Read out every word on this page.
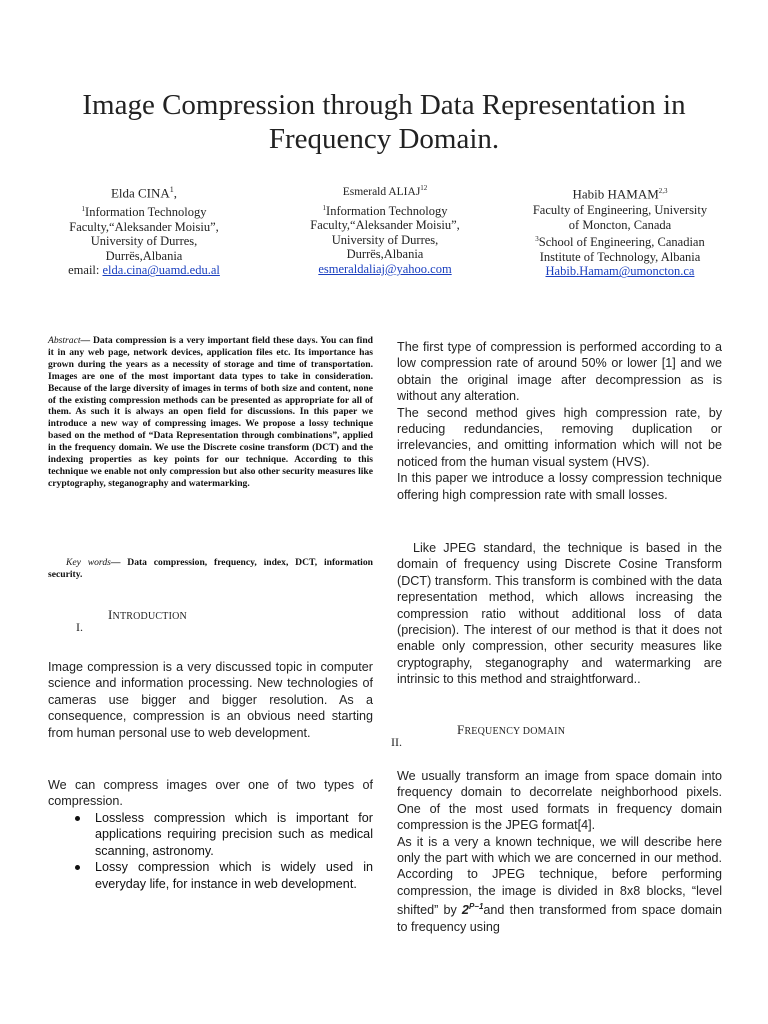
Image Compression through Data Representation in Frequency Domain.
Elda CINA$^1$,
$^1$Information Technology
Faculty,“Aleksander Moisiu”,
University of Durres,
Durrës,Albania
email: elda.cina@uamd.edu.al
Esmerald ALIAJ$^{12}$
$^1$Information Technology
Faculty,“Aleksander Moisiu”,
University of Durres,
Durrës,Albania
esmeraldaliaj@yahoo.com
Habib HAMAM$^{2,3}$
Faculty of Engineering, University
of Moncton, Canada
$^3$School of Engineering, Canadian
Institute of Technology, Albania
Habib.Hamam@umoncton.ca
Abstract— Data compression is a very important field these days. You can find it in any web page, network devices, application files etc. Its importance has grown during the years as a necessity of storage and time of transportation. Images are one of the most important data types to take in consideration. Because of the large diversity of images in terms of both size and content, none of the existing compression methods can be presented as appropriate for all of them. As such it is always an open field for discussions. In this paper we introduce a new way of compressing images. We propose a lossy technique based on the method of “Data Representation through combinations”, applied in the frequency domain. We use the Discrete cosine transform (DCT) and the indexing properties as key points for our technique. According to this technique we enable not only compression but also other security measures like cryptography, steganography and watermarking.
Key words— Data compression, frequency, index, DCT, information security.
I.
INTRODUCTION
Image compression is a very discussed topic in computer science and information processing. New technologies of cameras use bigger and bigger resolution. As a consequence, compression is an obvious need starting from human personal use to web development.
We can compress images over one of two types of compression.
Lossless compression which is important for applications requiring precision such as medical scanning, astronomy.
Lossy compression which is widely used in everyday life, for instance in web development.

The first type of compression is performed according to a low compression rate of around 50% or lower [1] and we obtain the original image after decompression as is without any alteration.

The second method gives high compression rate, by reducing redundancies, removing duplication or irrelevancies, and omitting information which will not be noticed from the human visual system (HVS).

In this paper we introduce a lossy compression technique offering high compression rate with small losses.

Like JPEG standard, the technique is based in the domain of frequency using Discrete Cosine Transform (DCT) transform. This transform is combined with the data representation method, which allows increasing the compression ratio without additional loss of data (precision). The interest of our method is that it does not enable only compression, other security measures like cryptography, steganography and watermarking are intrinsic to this method and straightforward..

II.
FREQUENCY DOMAIN

We usually transform an image from space domain into frequency domain to decorrelate neighborhood pixels. One of the most used formats in frequency domain compression is the JPEG format[4].

As it is a very a known technique, we will describe here only the part with which we are concerned in our method. According to JPEG technique, before performing compression, the image is divided in 8x8 blocks, “level shifted” by $2^{P-1}and$ then transformed from space domain to frequency using
